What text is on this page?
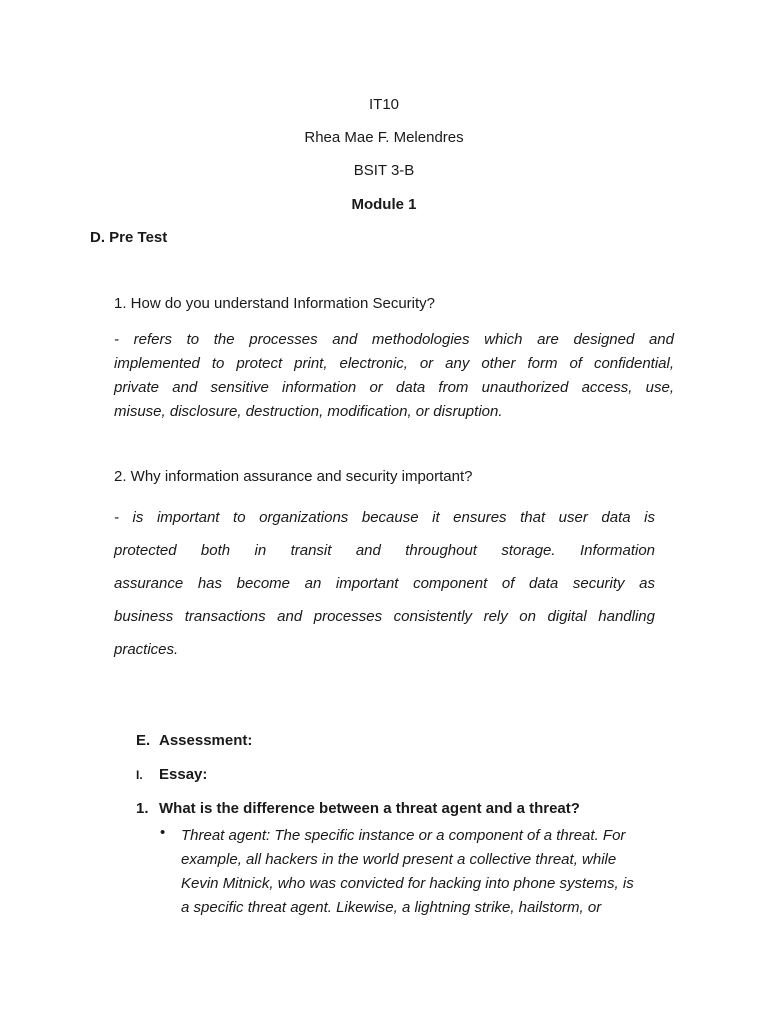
IT10
Rhea Mae F. Melendres
BSIT 3-B
Module 1
D. Pre Test
1. How do you understand Information Security?
- refers to the processes and methodologies which are designed and
implemented to protect print, electronic, or any other form of confidential,
private and sensitive information or data from unauthorized access, use,
misuse, disclosure, destruction, modification, or disruption.
2. Why information assurance and security important?
- is important to organizations because it ensures that user data is
protected both in transit and throughout storage. Information
assurance has become an important component of data security as
business transactions and processes consistently rely on digital handling
practices.
E. Assessment:
I. Essay:
1. What is the difference between a threat agent and a threat?
• Threat agent: The specific instance or a component of a threat. For
example, all hackers in the world present a collective threat, while
Kevin Mitnick, who was convicted for hacking into phone systems, is
a specific threat agent. Likewise, a lightning strike, hailstorm, or
